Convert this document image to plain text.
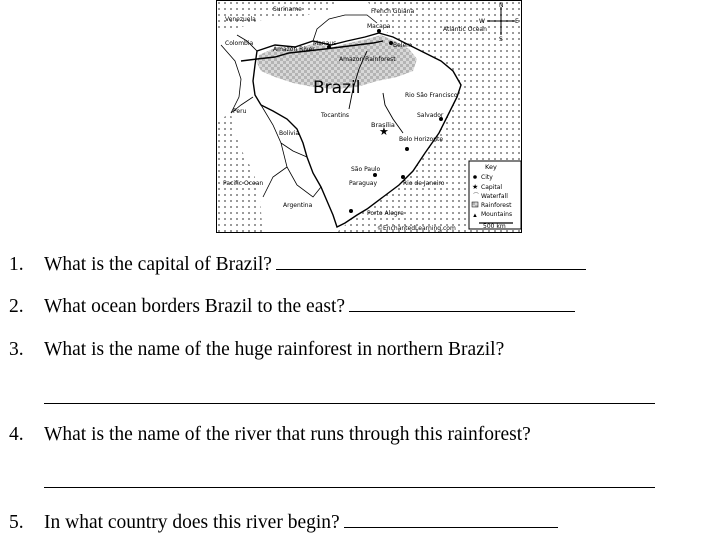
★
Venezuela
Suriname	French Guiana
Atlantic Ocean
Colombia
Amazon River
Manaus
Macapa
Belem
Amazon Rainforest
Brazil	Rio São Francisco
Peru
Tocantins	Salvador
Bolivia
Brasília
Belo Horizonte
Pacific Ocean
São Paulo
Rio de Janeiro
Paraguay
Argentina
Porto Alegre
©EnchantedLearning.com
N
S
E
W
Key
City
★ Capital
⌒ Waterfall
Rainforest
▲ Mountains
500 km
1. What is the capital of Brazil?
2. What ocean borders Brazil to the east?
3. What is the name of the huge rainforest in northern Brazil?
4. What is the name of the river that runs through this rainforest?
5. In what country does this river begin?
